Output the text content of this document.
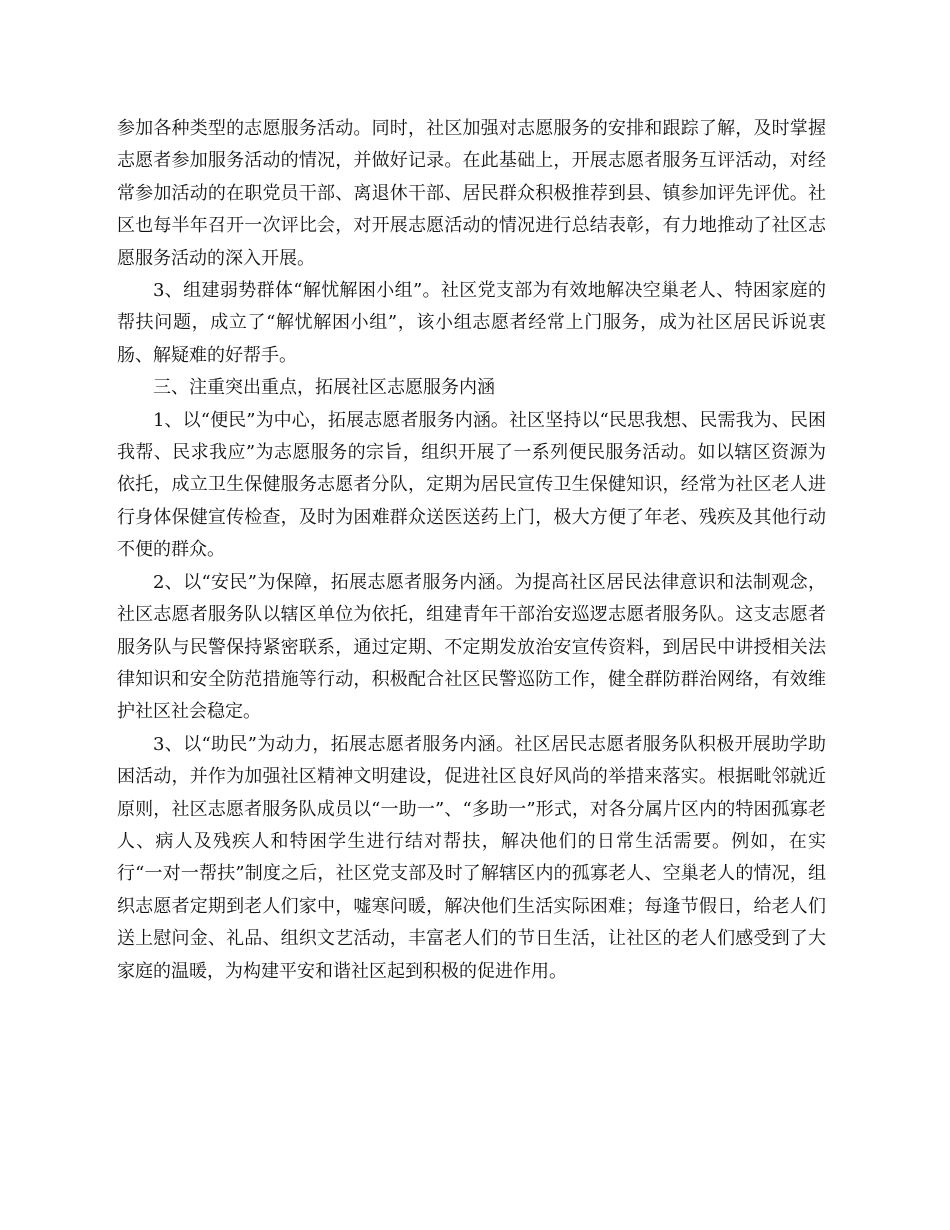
参加各种类型的志愿服务活动。同时，社区加强对志愿服务的安排和跟踪了解，及时掌握志愿者参加服务活动的情况，并做好记录。在此基础上，开展志愿者服务互评活动，对经常参加活动的在职党员干部、离退休干部、居民群众积极推荐到县、镇参加评先评优。社区也每半年召开一次评比会，对开展志愿活动的情况进行总结表彰，有力地推动了社区志愿服务活动的深入开展。

3、组建弱势群体“解忧解困小组”。社区党支部为有效地解决空巢老人、特困家庭的帮扶问题，成立了“解忧解困小组”，该小组志愿者经常上门服务，成为社区居民诉说衷肠、解疑难的好帮手。

三、注重突出重点，拓展社区志愿服务内涵

1、以“便民”为中心，拓展志愿者服务内涵。社区坚持以“民思我想、民需我为、民困我帮、民求我应”为志愿服务的宗旨，组织开展了一系列便民服务活动。如以辖区资源为依托，成立卫生保健服务志愿者分队，定期为居民宣传卫生保健知识，经常为社区老人进行身体保健宣传检查，及时为困难群众送医送药上门，极大方便了年老、残疾及其他行动不便的群众。

2、以“安民”为保障，拓展志愿者服务内涵。为提高社区居民法律意识和法制观念，社区志愿者服务队以辖区单位为依托，组建青年干部治安巡逻志愿者服务队。这支志愿者服务队与民警保持紧密联系，通过定期、不定期发放治安宣传资料，到居民中讲授相关法律知识和安全防范措施等行动，积极配合社区民警巡防工作，健全群防群治网络，有效维护社区社会稳定。

3、以“助民”为动力，拓展志愿者服务内涵。社区居民志愿者服务队积极开展助学助困活动，并作为加强社区精神文明建设，促进社区良好风尚的举措来落实。根据毗邻就近原则，社区志愿者服务队成员以“一助一”、“多助一”形式，对各分属片区内的特困孤寡老人、病人及残疾人和特困学生进行结对帮扶，解决他们的日常生活需要。例如，在实行“一对一帮扶”制度之后，社区党支部及时了解辖区内的孤寡老人、空巢老人的情况，组织志愿者定期到老人们家中，嘘寒问暖，解决他们生活实际困难；每逢节假日，给老人们送上慰问金、礼品、组织文艺活动，丰富老人们的节日生活，让社区的老人们感受到了大家庭的温暖，为构建平安和谐社区起到积极的促进作用。
